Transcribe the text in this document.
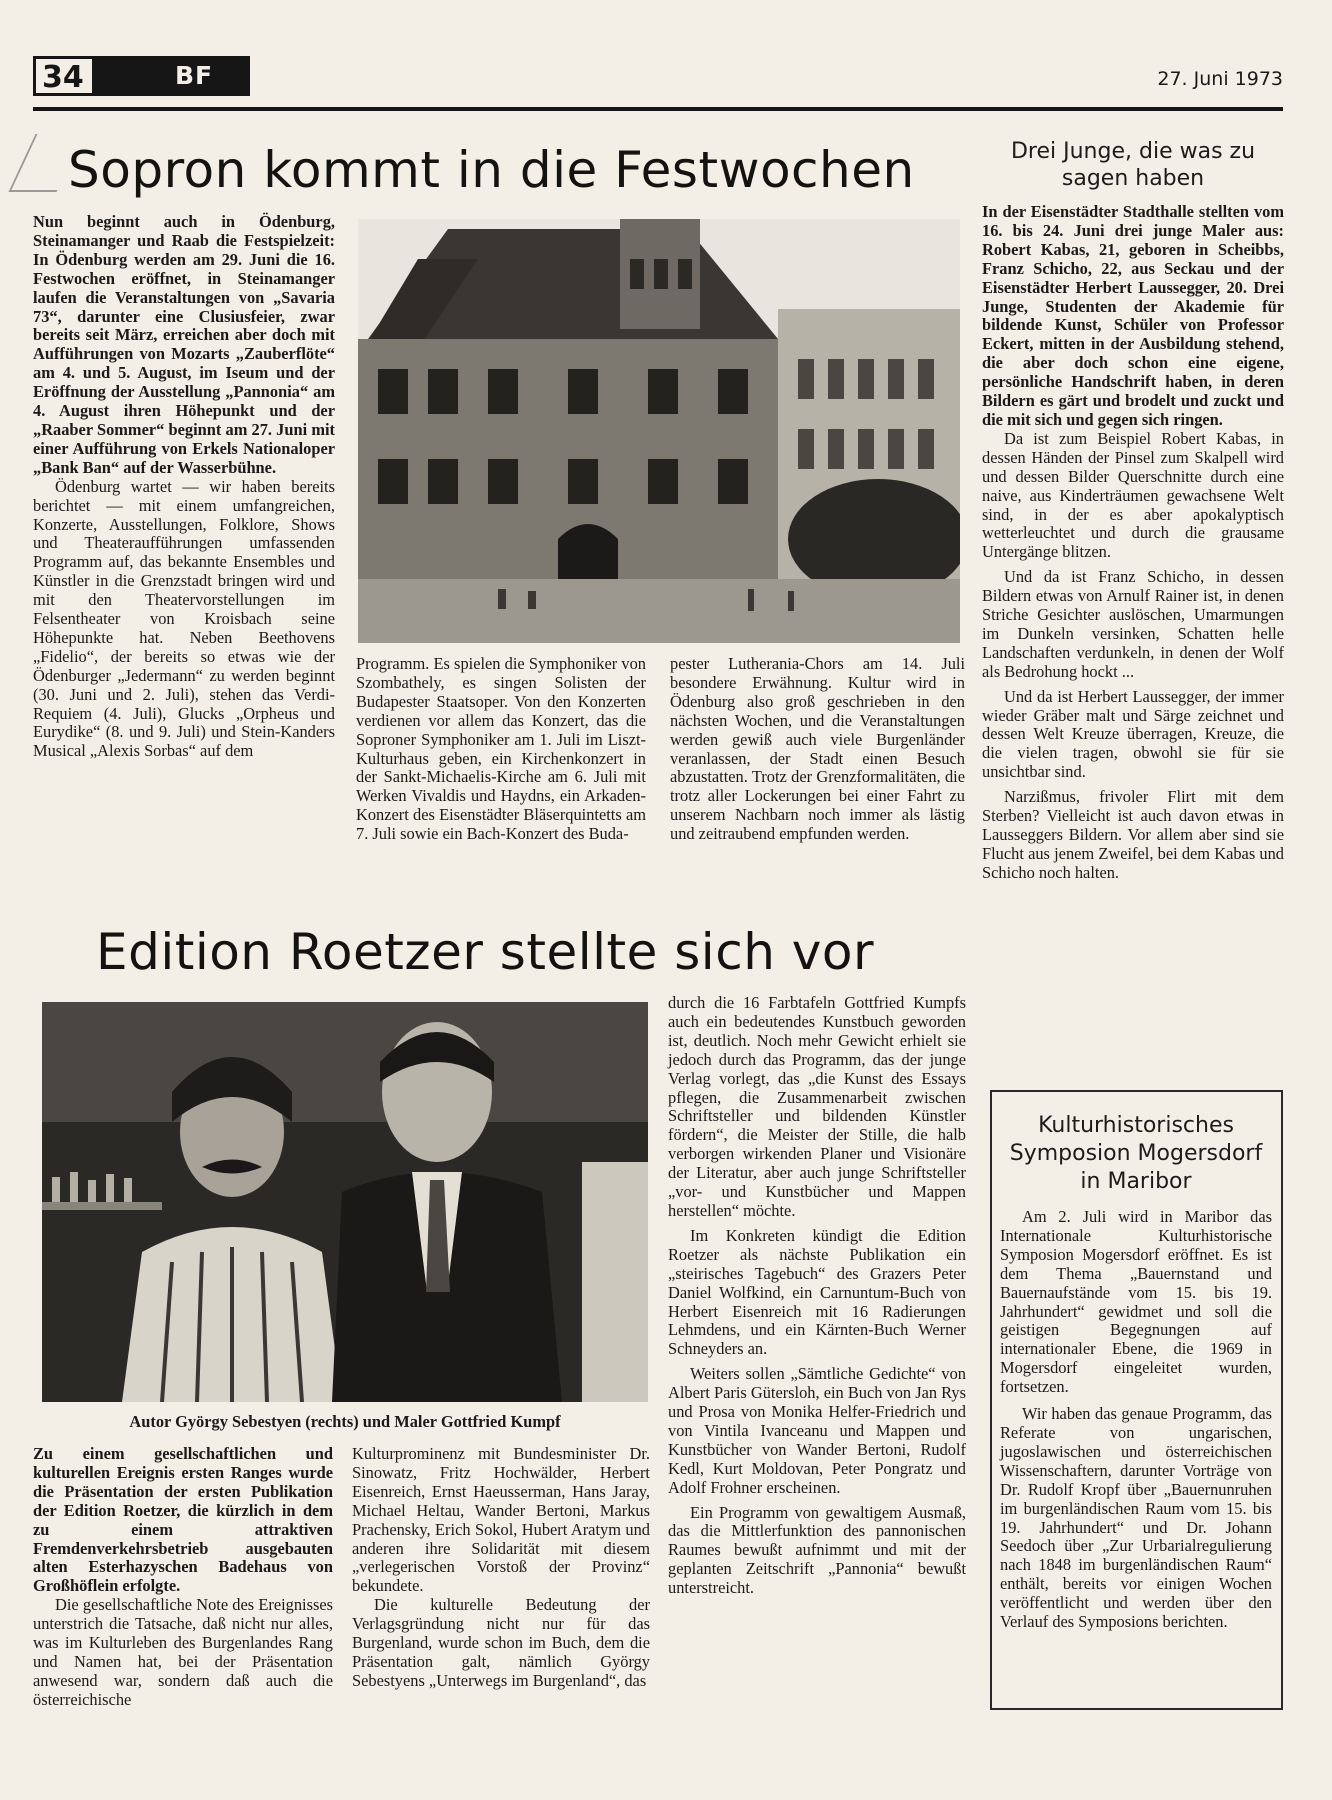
34	BF	27. Juni 1973
Sopron kommt in die Festwochen

Nun beginnt auch in Ödenburg, Steinamanger und Raab die Festspielzeit: In Ödenburg werden am 29. Juni die 16. Festwochen eröffnet, in Steinamanger laufen die Veranstaltungen von „Savaria 73“, darunter eine Clusiusfeier, zwar bereits seit März, erreichen aber doch mit Aufführungen von Mozarts „Zauberflöte“ am 4. und 5. August, im Iseum und der Eröffnung der Ausstellung „Pannonia“ am 4. August ihren Höhepunkt und der „Raaber Sommer“ beginnt am 27. Juni mit einer Aufführung von Erkels Nationaloper „Bank Ban“ auf der Wasserbühne.

Ödenburg wartet — wir haben bereits berichtet — mit einem umfangreichen, Konzerte, Ausstellungen, Folklore, Shows und Theateraufführungen umfassenden Programm auf, das bekannte Ensembles und Künstler in die Grenzstadt bringen wird und mit den Theatervorstellungen im Felsentheater von Kroisbach seine Höhepunkte hat. Neben Beethovens „Fidelio“, der bereits so etwas wie der Ödenburger „Jedermann“ zu werden beginnt (30. Juni und 2. Juli), stehen das Verdi-Requiem (4. Juli), Glucks „Orpheus und Eurydike“ (8. und 9. Juli) und Stein-Kanders Musical „Alexis Sorbas“ auf dem

Programm. Es spielen die Symphoniker von Szombathely, es singen Solisten der Budapester Staatsoper. Von den Konzerten verdienen vor allem das Konzert, das die Soproner Symphoniker am 1. Juli im Liszt-Kulturhaus geben, ein Kirchenkonzert in der Sankt-Michaelis-Kirche am 6. Juli mit Werken Vivaldis und Haydns, ein Arkaden-Konzert des Eisenstädter Bläserquintetts am 7. Juli sowie ein Bach-Konzert des Buda-

pester Lutherania-Chors am 14. Juli besondere Erwähnung. Kultur wird in Ödenburg also groß geschrieben in den nächsten Wochen, und die Veranstaltungen werden gewiß auch viele Burgenländer veranlassen, der Stadt einen Besuch abzustatten. Trotz der Grenzformalitäten, die trotz aller Lockerungen bei einer Fahrt zu unserem Nachbarn noch immer als lästig und zeitraubend empfunden werden.

Drei Junge, die was zu sagen haben

In der Eisenstädter Stadthalle stellten vom 16. bis 24. Juni drei junge Maler aus: Robert Kabas, 21, geboren in Scheibbs, Franz Schicho, 22, aus Seckau und der Eisenstädter Herbert Laussegger, 20. Drei Junge, Studenten der Akademie für bildende Kunst, Schüler von Professor Eckert, mitten in der Ausbildung stehend, die aber doch schon eine eigene, persönliche Handschrift haben, in deren Bildern es gärt und brodelt und zuckt und die mit sich und gegen sich ringen.

Da ist zum Beispiel Robert Kabas, in dessen Händen der Pinsel zum Skalpell wird und dessen Bilder Querschnitte durch eine naive, aus Kinderträumen gewachsene Welt sind, in der es aber apokalyptisch wetterleuchtet und durch die grausame Untergänge blitzen.

Und da ist Franz Schicho, in dessen Bildern etwas von Arnulf Rainer ist, in denen Striche Gesichter auslöschen, Umarmungen im Dunkeln versinken, Schatten helle Landschaften verdunkeln, in denen der Wolf als Bedrohung hockt ...

Und da ist Herbert Laussegger, der immer wieder Gräber malt und Särge zeichnet und dessen Welt Kreuze überragen, Kreuze, die die vielen tragen, obwohl sie für sie unsichtbar sind.

Narzißmus, frivoler Flirt mit dem Sterben? Vielleicht ist auch davon etwas in Lausseggers Bildern. Vor allem aber sind sie Flucht aus jenem Zweifel, bei dem Kabas und Schicho noch halten.

Edition Roetzer stellte sich vor
Autor György Sebestyen (rechts) und Maler Gottfried Kumpf

Zu einem gesellschaftlichen und kulturellen Ereignis ersten Ranges wurde die Präsentation der ersten Publikation der Edition Roetzer, die kürzlich in dem zu einem attraktiven Fremdenverkehrsbetrieb ausgebauten alten Esterhazyschen Badehaus von Großhöflein erfolgte.

Die gesellschaftliche Note des Ereignisses unterstrich die Tatsache, daß nicht nur alles, was im Kulturleben des Burgenlandes Rang und Namen hat, bei der Präsentation anwesend war, sondern daß auch die österreichische

Kulturprominenz mit Bundesminister Dr. Sinowatz, Fritz Hochwälder, Herbert Eisenreich, Ernst Haeusserman, Hans Jaray, Michael Heltau, Wander Bertoni, Markus Prachensky, Erich Sokol, Hubert Aratym und anderen ihre Solidarität mit diesem „verlegerischen Vorstoß der Provinz“ bekundete.

Die kulturelle Bedeutung der Verlagsgründung nicht nur für das Burgenland, wurde schon im Buch, dem die Präsentation galt, nämlich György Sebestyens „Unterwegs im Burgenland“, das

durch die 16 Farbtafeln Gottfried Kumpfs auch ein bedeutendes Kunstbuch geworden ist, deutlich. Noch mehr Gewicht erhielt sie jedoch durch das Programm, das der junge Verlag vorlegt, das „die Kunst des Essays pflegen, die Zusammenarbeit zwischen Schriftsteller und bildenden Künstler fördern“, die Meister der Stille, die halb verborgen wirkenden Planer und Visionäre der Literatur, aber auch junge Schriftsteller „vor- und Kunstbücher und Mappen herstellen“ möchte.

Im Konkreten kündigt die Edition Roetzer als nächste Publikation ein „steirisches Tagebuch“ des Grazers Peter Daniel Wolfkind, ein Carnuntum-Buch von Herbert Eisenreich mit 16 Radierungen Lehmdens, und ein Kärnten-Buch Werner Schneyders an.

Weiters sollen „Sämtliche Gedichte“ von Albert Paris Gütersloh, ein Buch von Jan Rys und Prosa von Monika Helfer-Friedrich und von Vintila Ivanceanu und Mappen und Kunstbücher von Wander Bertoni, Rudolf Kedl, Kurt Moldovan, Peter Pongratz und Adolf Frohner erscheinen.

Ein Programm von gewaltigem Ausmaß, das die Mittlerfunktion des pannonischen Raumes bewußt aufnimmt und mit der geplanten Zeitschrift „Pannonia“ bewußt unterstreicht.

Kulturhistorisches Symposion Mogersdorf in Maribor

Am 2. Juli wird in Maribor das Internationale Kulturhistorische Symposion Mogersdorf eröffnet. Es ist dem Thema „Bauernstand und Bauernaufstände vom 15. bis 19. Jahrhundert“ gewidmet und soll die geistigen Begegnungen auf internationaler Ebene, die 1969 in Mogersdorf eingeleitet wurden, fortsetzen.

Wir haben das genaue Programm, das Referate von ungarischen, jugoslawischen und österreichischen Wissenschaftern, darunter Vorträge von Dr. Rudolf Kropf über „Bauernunruhen im burgenländischen Raum vom 15. bis 19. Jahrhundert“ und Dr. Johann Seedoch über „Zur Urbarialregulierung nach 1848 im burgenländischen Raum“ enthält, bereits vor einigen Wochen veröffentlicht und werden über den Verlauf des Symposions berichten.
